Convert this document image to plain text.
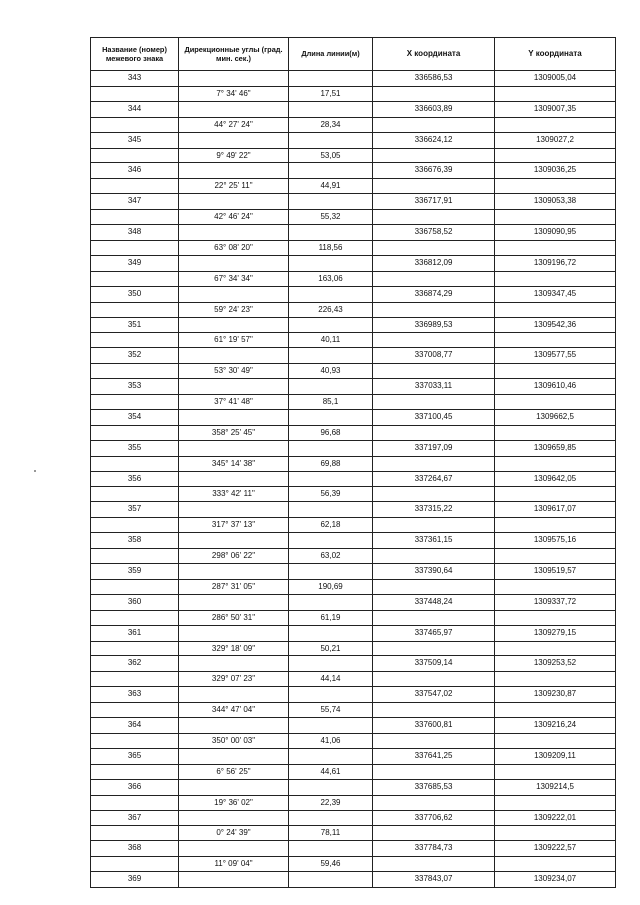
Название (номер) межевого знака	Дирекционные углы (град. мин. сек.)	Длина линии(м)	X координата	Y координата
343			336586,53	1309005,04
	7° 34' 46"	17,51		
344			336603,89	1309007,35
	44° 27' 24"	28,34		
345			336624,12	1309027,2
	9° 49' 22"	53,05		
346			336676,39	1309036,25
	22° 25' 11"	44,91		
347			336717,91	1309053,38
	42° 46' 24"	55,32		
348			336758,52	1309090,95
	63° 08' 20"	118,56		
349			336812,09	1309196,72
	67° 34' 34"	163,06		
350			336874,29	1309347,45
	59° 24' 23"	226,43		
351			336989,53	1309542,36
	61° 19' 57"	40,11		
352			337008,77	1309577,55
	53° 30' 49"	40,93		
353			337033,11	1309610,46
	37° 41' 48"	85,1		
354			337100,45	1309662,5
	358° 25' 45"	96,68		
355			337197,09	1309659,85
	345° 14' 38"	69,88		
356			337264,67	1309642,05
	333° 42' 11"	56,39		
357			337315,22	1309617,07
	317° 37' 13"	62,18		
358			337361,15	1309575,16
	298° 06' 22"	63,02		
359			337390,64	1309519,57
	287° 31' 05"	190,69		
360			337448,24	1309337,72
	286° 50' 31"	61,19		
361			337465,97	1309279,15
	329° 18' 09"	50,21		
362			337509,14	1309253,52
	329° 07' 23"	44,14		
363			337547,02	1309230,87
	344° 47' 04"	55,74		
364			337600,81	1309216,24
	350° 00' 03"	41,06		
365			337641,25	1309209,11
	6° 56' 25"	44,61		
366			337685,53	1309214,5
	19° 36' 02"	22,39		
367			337706,62	1309222,01
	0° 24' 39"	78,11		
368			337784,73	1309222,57
	11° 09' 04"	59,46		
369			337843,07	1309234,07
